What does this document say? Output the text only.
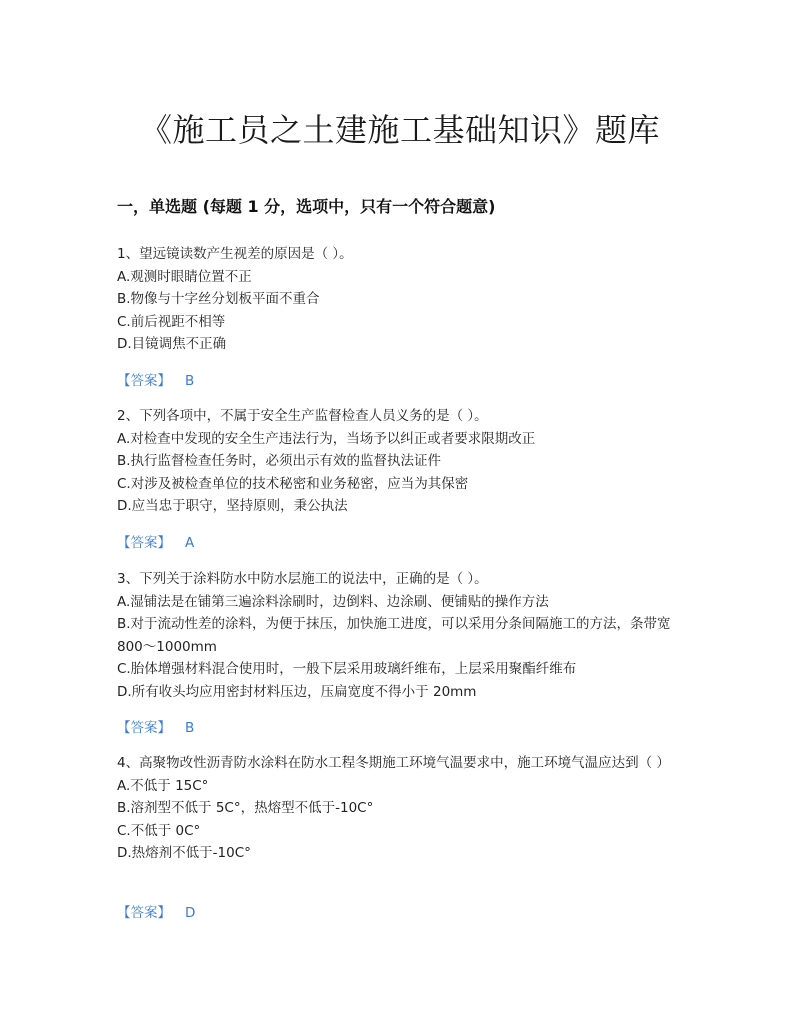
《施工员之土建施工基础知识》题库
一，单选题 (每题 1 分，选项中，只有一个符合题意)
1、望远镜读数产生视差的原因是（ ）。
A.观测时眼睛位置不正
B.物像与十字丝分划板平面不重合
C.前后视距不相等
D.目镜调焦不正确
【答案】 B
2、下列各项中，不属于安全生产监督检查人员义务的是（ ）。
A.对检查中发现的安全生产违法行为，当场予以纠正或者要求限期改正
B.执行监督检查任务时，必须出示有效的监督执法证件
C.对涉及被检查单位的技术秘密和业务秘密，应当为其保密
D.应当忠于职守，坚持原则，秉公执法
【答案】 A
3、下列关于涂料防水中防水层施工的说法中，正确的是（ ）。
A.湿铺法是在铺第三遍涂料涂刷时，边倒料、边涂刷、便铺贴的操作方法
B.对于流动性差的涂料，为便于抹压，加快施工进度，可以采用分条间隔施工的方法，条带宽 800～1000mm
C.胎体增强材料混合使用时，一般下层采用玻璃纤维布，上层采用聚酯纤维布
D.所有收头均应用密封材料压边，压扁宽度不得小于 20mm
【答案】 B
4、高聚物改性沥青防水涂料在防水工程冬期施工环境气温要求中，施工环境气温应达到（ ）
A.不低于 15C°
B.溶剂型不低于 5C°，热熔型不低于-10C°
C.不低于 0C°
D.热熔剂不低于-10C°
【答案】 D
